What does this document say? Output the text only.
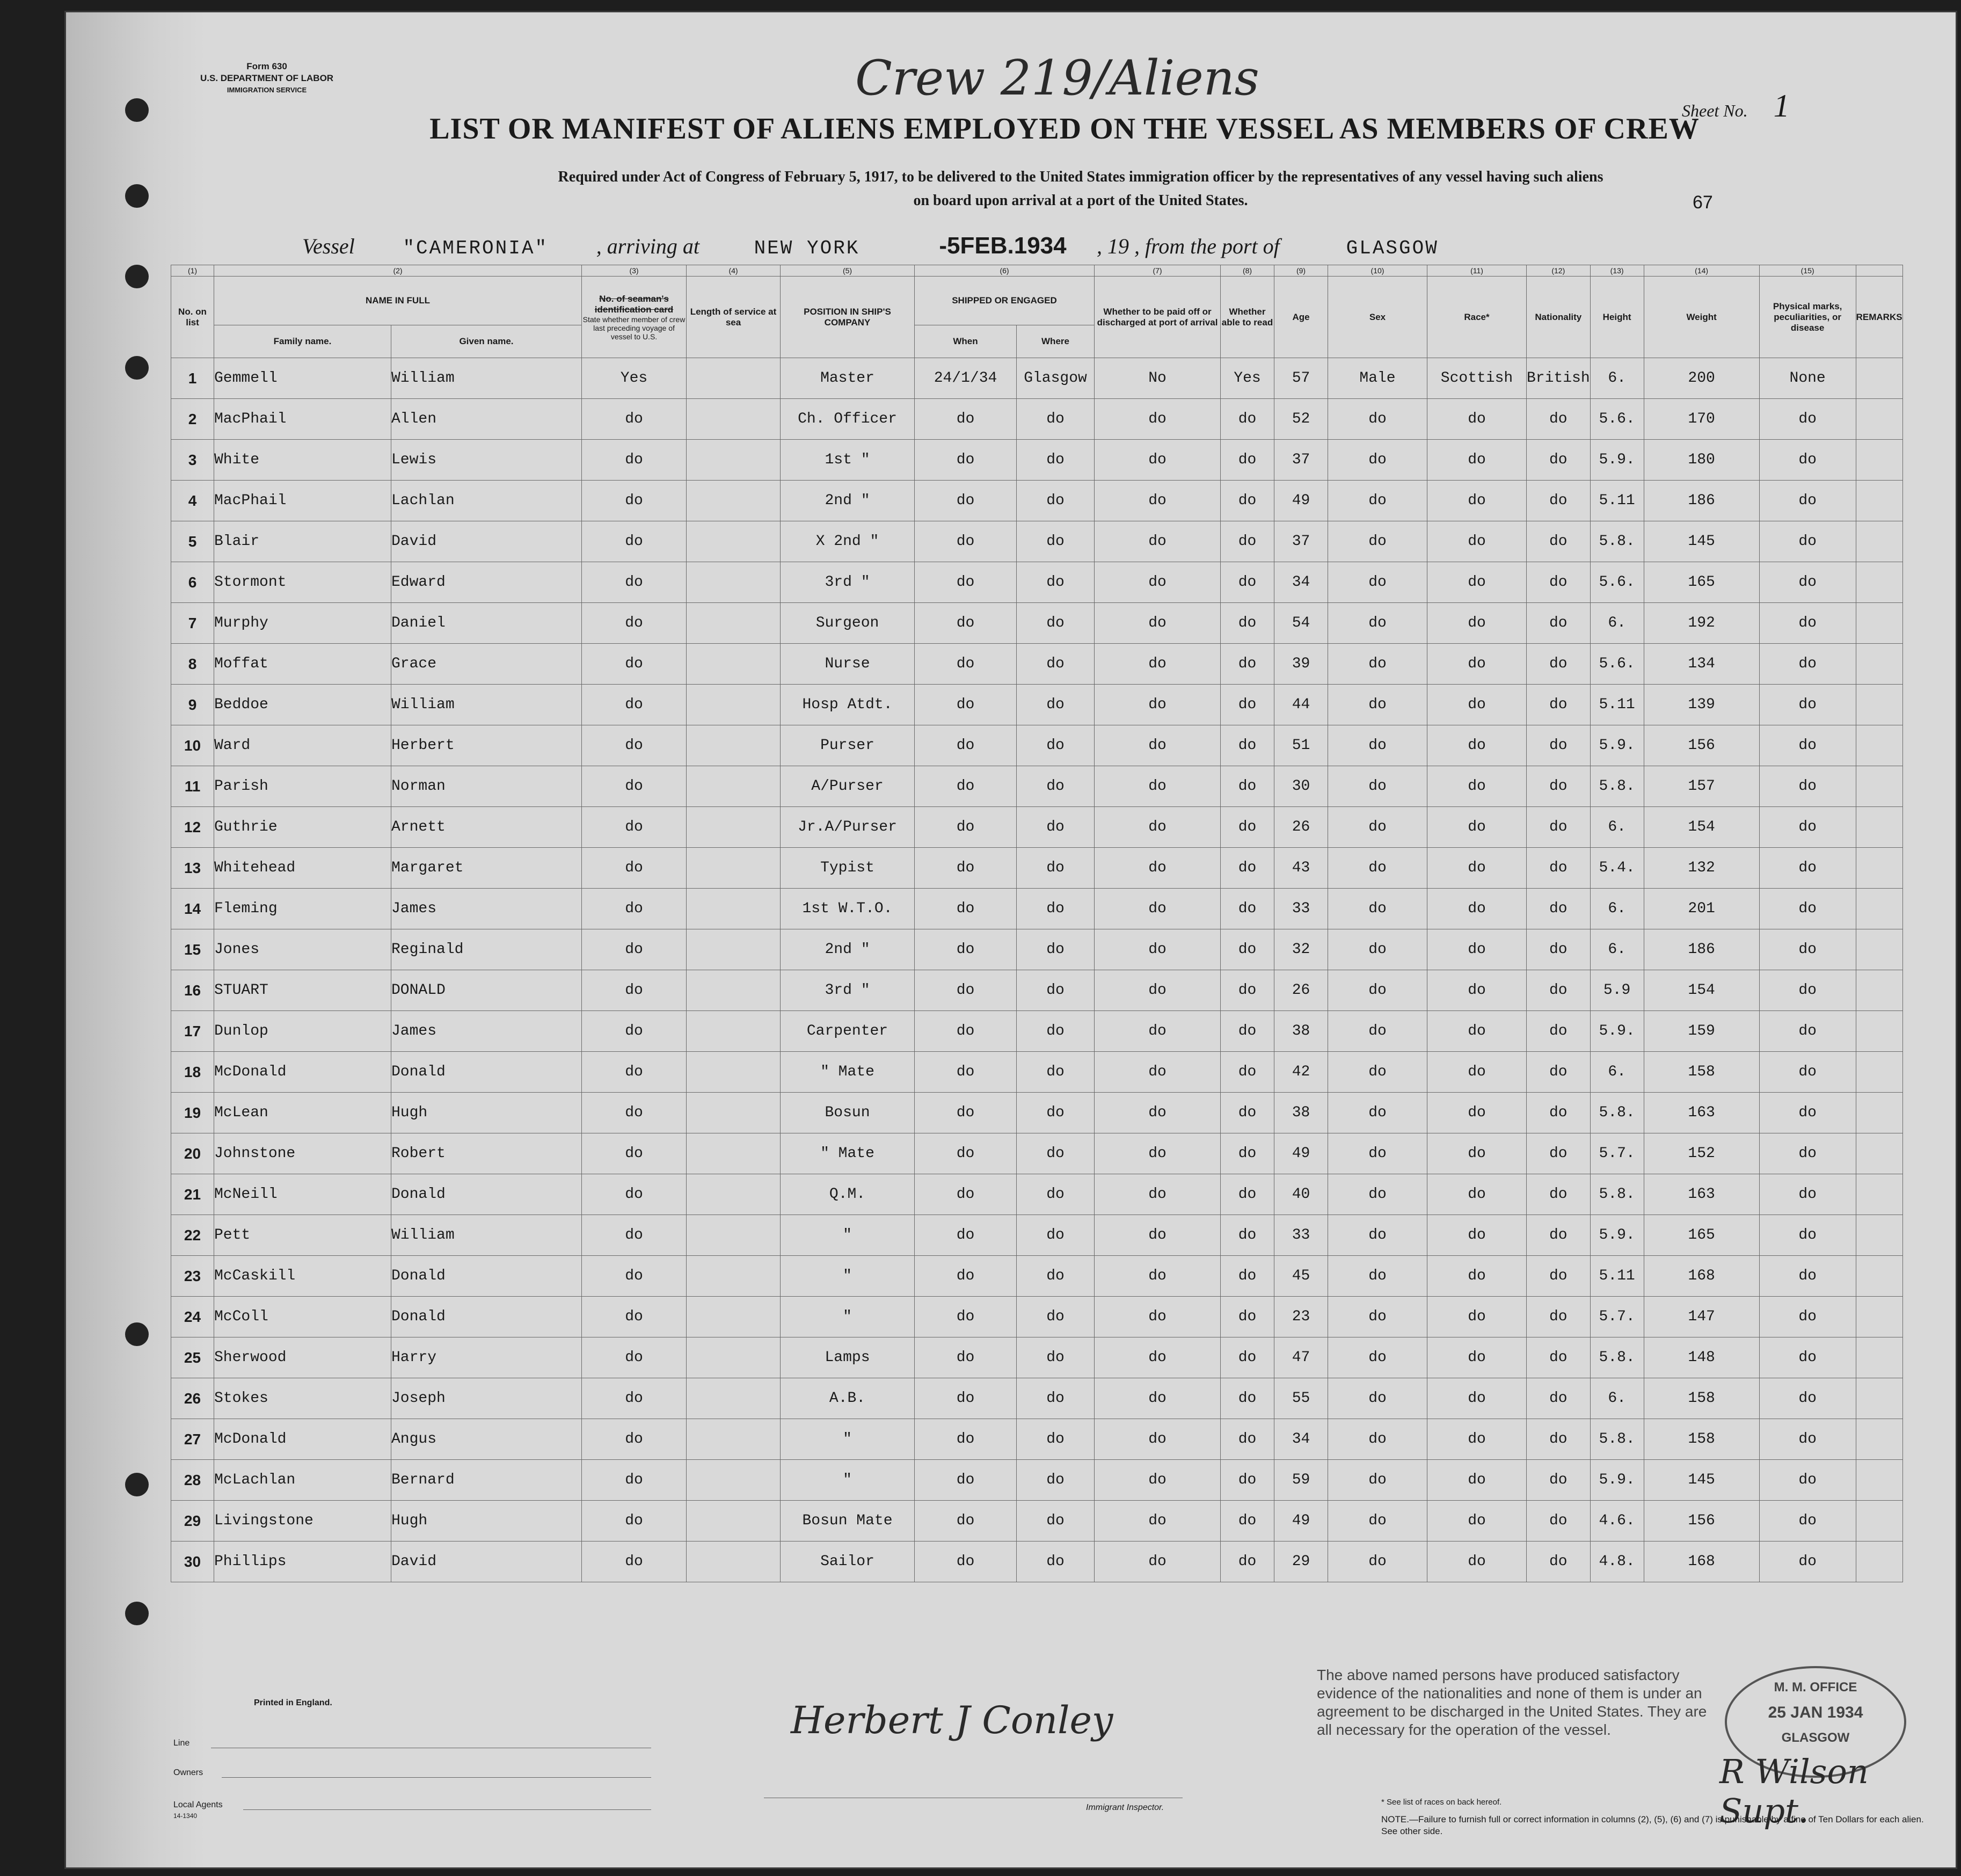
Form 630
U.S. DEPARTMENT OF LABOR
IMMIGRATION SERVICE	Crew 219/Aliens
Sheet No. 1
LIST OR MANIFEST OF ALIENS EMPLOYED ON THE VESSEL AS MEMBERS OF CREW
Required under Act of Congress of February 5, 1917, to be delivered to the United States immigration officer by the representatives of any vessel having such aliens
on board upon arrival at a port of the United States.	67
Vessel "CAMERONIA" , arriving at	NEW YORK	-5FEB.1934 , 19 , from the port of	GLASGOW
(1)	(2)		(3)	(4)	(5)	(6)		(7)	(8)	(9)	(10)	(11)	(12)	(13)	(14)	(15)	
No. on list	NAME IN FULL		No. of seaman's identification card
State whether member of crew last preceding voyage of vessel to U.S.	Length of service at sea	POSITION IN SHIP'S COMPANY	SHIPPED OR ENGAGED		Whether to be paid off or discharged at port of arrival	Whether able to read	Age	Sex	Race*	Nationality	Height	Weight	Physical marks, peculiarities, or disease	REMARKS
	Family name.	Given name.				When	Where										
1	Gemmell	William	Yes		Master	24/1/34	Glasgow	No	Yes	57	Male	Scottish	British	6.	200	None	
2	MacPhail	Allen	do		Ch. Officer	do	do	do	do	52	do	do	do	5.6.	170	do	
3	White	Lewis	do		1st "	do	do	do	do	37	do	do	do	5.9.	180	do	
4	MacPhail	Lachlan	do		2nd "	do	do	do	do	49	do	do	do	5.11	186	do	
5	Blair	David	do		X 2nd "	do	do	do	do	37	do	do	do	5.8.	145	do	
6	Stormont	Edward	do		3rd "	do	do	do	do	34	do	do	do	5.6.	165	do	
7	Murphy	Daniel	do		Surgeon	do	do	do	do	54	do	do	do	6.	192	do	
8	Moffat	Grace	do		Nurse	do	do	do	do	39	do	do	do	5.6.	134	do	
9	Beddoe	William	do		Hosp Atdt.	do	do	do	do	44	do	do	do	5.11	139	do	
10	Ward	Herbert	do		Purser	do	do	do	do	51	do	do	do	5.9.	156	do	
11	Parish	Norman	do		A/Purser	do	do	do	do	30	do	do	do	5.8.	157	do	
12	Guthrie	Arnett	do		Jr.A/Purser	do	do	do	do	26	do	do	do	6.	154	do	
13	Whitehead	Margaret	do		Typist	do	do	do	do	43	do	do	do	5.4.	132	do	
14	Fleming	James	do		1st W.T.O.	do	do	do	do	33	do	do	do	6.	201	do	
15	Jones	Reginald	do		2nd "	do	do	do	do	32	do	do	do	6.	186	do	
16	STUART	DONALD	do		3rd "	do	do	do	do	26	do	do	do	5.9	154	do	
17	Dunlop	James	do		Carpenter	do	do	do	do	38	do	do	do	5.9.	159	do	
18	McDonald	Donald	do		" Mate	do	do	do	do	42	do	do	do	6.	158	do	
19	McLean	Hugh	do		Bosun	do	do	do	do	38	do	do	do	5.8.	163	do	
20	Johnstone	Robert	do		" Mate	do	do	do	do	49	do	do	do	5.7.	152	do	
21	McNeill	Donald	do		Q.M.	do	do	do	do	40	do	do	do	5.8.	163	do	
22	Pett	William	do		"	do	do	do	do	33	do	do	do	5.9.	165	do	
23	McCaskill	Donald	do		"	do	do	do	do	45	do	do	do	5.11	168	do	
24	McColl	Donald	do		"	do	do	do	do	23	do	do	do	5.7.	147	do	
25	Sherwood	Harry	do		Lamps	do	do	do	do	47	do	do	do	5.8.	148	do	
26	Stokes	Joseph	do		A.B.	do	do	do	do	55	do	do	do	6.	158	do	
27	McDonald	Angus	do		"	do	do	do	do	34	do	do	do	5.8.	158	do	
28	McLachlan	Bernard	do		"	do	do	do	do	59	do	do	do	5.9.	145	do	
29	Livingstone	Hugh	do		Bosun Mate	do	do	do	do	49	do	do	do	4.6.	156	do	
30	Phillips	David	do		Sailor	do	do	do	do	29	do	do	do	4.8.	168	do	
Printed in England.
Line
Owners
Local Agents
14-1340
Herbert J Conley
Immigrant Inspector.
The above named persons have produced satisfactory evidence of the nationalities and none of them is under an agreement to be discharged in the United States. They are all necessary for the operation of the vessel.
M. M. OFFICE
25 JAN 1934
GLASGOW
R Wilson Supt.
* See list of races on back hereof.
NOTE.—Failure to furnish full or correct information in columns (2), (5), (6) and (7) is punishable by a fine of Ten Dollars for each alien. See other side.
